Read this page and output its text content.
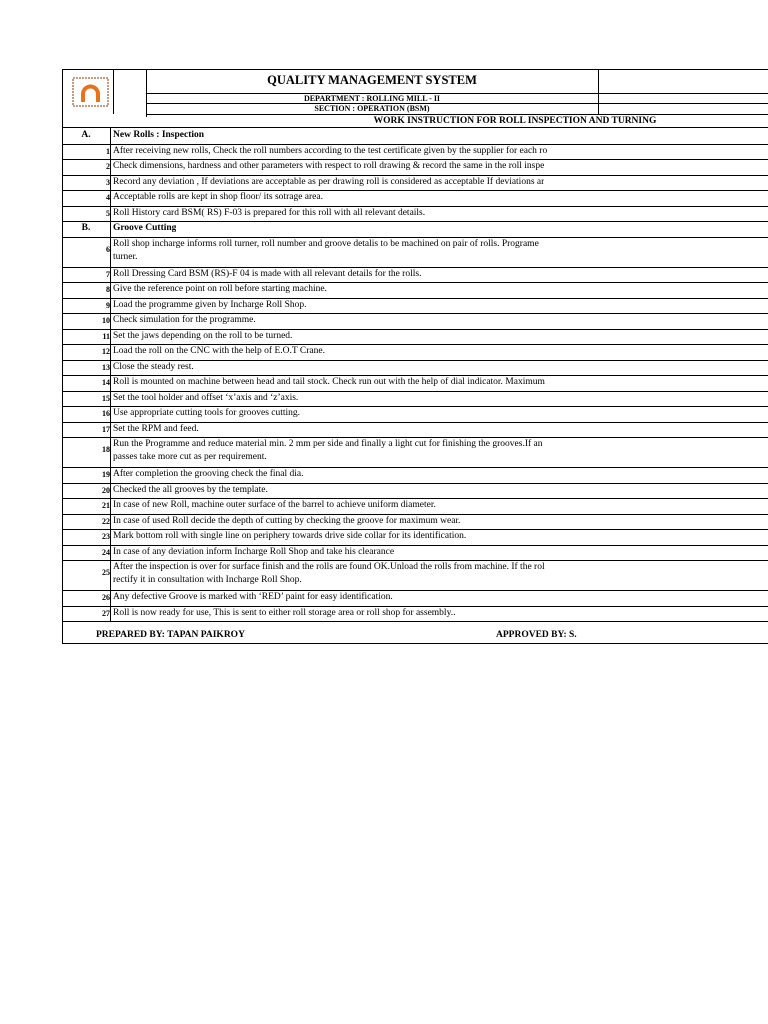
QUALITY MANAGEMENT SYSTEM
DEPARTMENT : ROLLING MILL - II
SECTION : OPERATION (BSM)
WORK INSTRUCTION FOR ROLL INSPECTION AND TURNING
A.	New Rolls : Inspection
1 After receiving new rolls, Check the roll numbers according to the test certificate given by the supplier for each ro
2 Check dimensions, hardness and other parameters with respect to roll drawing & record the same in the roll inspe
3 Record any deviation , If deviations are acceptable as per drawing roll is considered as acceptable If deviations ar
4 Acceptable rolls are kept in shop floor/ its sotrage area.
5 Roll History card BSM( RS) F-03 is prepared for this roll with all relevant details.
B.	Groove Cutting
6
Roll shop incharge informs roll turner, roll number and groove detalis to be machined on pair of rolls. Programe
turner.
7 Roll Dressing Card BSM (RS)-F 04 is made with all relevant details for the rolls.
8 Give the reference point on roll before starting machine.
9 Load the programme given by Incharge Roll Shop.
10 Check simulation for the programme.
11 Set the jaws depending on the roll to be turned.
12 Load the roll on the CNC with the help of E.O.T Crane.
13 Close the steady rest.
14 Roll is mounted on machine between head and tail stock. Check run out with the help of dial indicator. Maximum
15 Set the tool holder and offset ‘x’axis and ‘z’axis.
16 Use appropriate cutting tools for grooves cutting.
17 Set the RPM and feed.
18
Run the Programme and reduce material min. 2 mm per side and finally a light cut for finishing the grooves.If an
passes take more cut as per requirement.
19 After completion the grooving check the final dia.
20 Checked the all grooves by the template.
21 In case of new Roll, machine outer surface of the barrel to achieve uniform diameter.
22 In case of used Roll decide the depth of cutting by checking the groove for maximum wear.
23 Mark bottom roll with single line on periphery towards drive side collar for its identification.
24 In case of any deviation inform Incharge Roll Shop and take his clearance
25
After the inspection is over for surface finish and the rolls are found OK.Unload the rolls from machine. If the rol
rectify it in consultation with Incharge Roll Shop.
26 Any defective Groove is marked with ‘RED’ paint for easy identification.
27 Roll is now ready for use, This is sent to either roll storage area or roll shop for assembly..
PREPARED BY: TAPAN PAIKROY	APPROVED BY: S.
